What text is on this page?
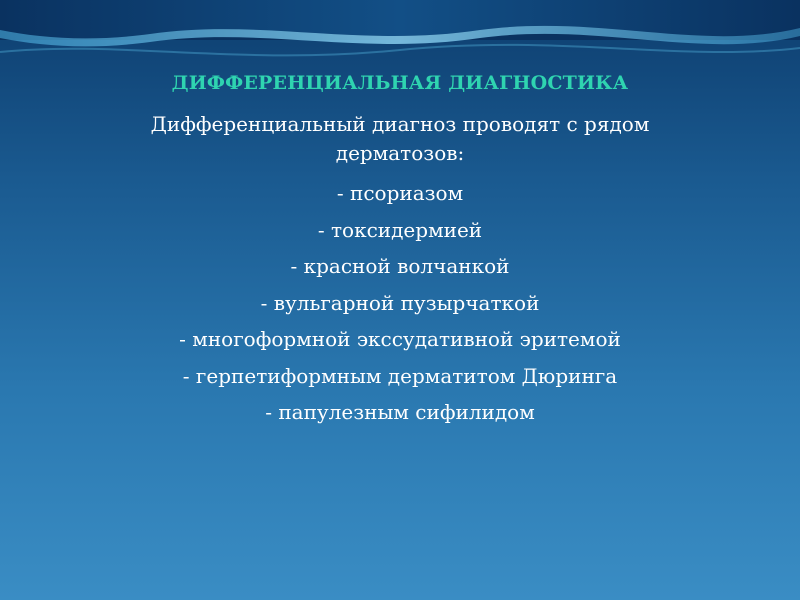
ДИФФЕРЕНЦИАЛЬНАЯ ДИАГНОСТИКА
Дифференциальный диагноз проводят с рядом дерматозов:
- псориазом
- токсидермией
- красной волчанкой
- вульгарной пузырчаткой
- многоформной экссудативной эритемой
- герпетиформным дерматитом Дюринга
- папулезным сифилидом
